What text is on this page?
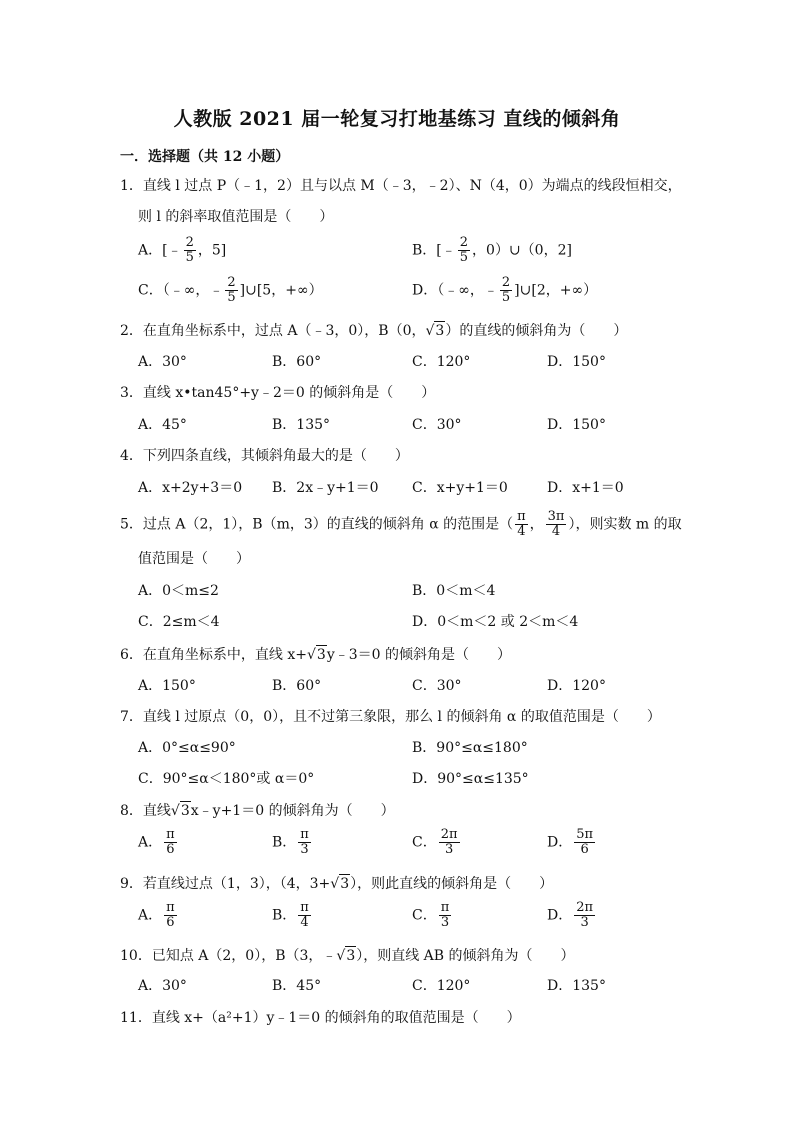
人教版 2021 届一轮复习打地基练习 直线的倾斜角
一．选择题（共 12 小题）
1．直线 l 过点 P（﹣1，2）且与以点 M（﹣3，﹣2）、N（4，0）为端点的线段恒相交，
则 l 的斜率取值范围是（　　）
A．[﹣ $\frac{2}{5}$ ，5]	B．[﹣ $\frac{2}{5}$ ，0）∪（0，2]
C．（﹣∞，﹣ $\frac{2}{5}$ ]∪[5，+∞）	D．（﹣∞，﹣ $\frac{2}{5}$ ]∪[2，+∞）
2．在直角坐标系中，过点 A（﹣3，0），B（0，√3）的直线的倾斜角为（　　）
A．30°	B．60°	C．120°	D．150°
3．直线 x•tan45°+y﹣2＝0 的倾斜角是（　　）
A．45°	B．135°	C．30°	D．150°
4．下列四条直线，其倾斜角最大的是（　　）
A．x+2y+3＝0 B．2x﹣y+1＝0 C．x+y+1＝0	D．x+1＝0
5．过点 A（2，1），B（m，3）的直线的倾斜角 α 的范围是（ $\frac{\pi}{4}$ ， $\frac{3\pi}{4}$ ），则实数 m 的取
值范围是（　　）
A．0＜m≤2	B．0＜m＜4
C．2≤m＜4	D．0＜m＜2 或 2＜m＜4
6．在直角坐标系中，直线 x+√3y﹣3＝0 的倾斜角是（　　）
A．150°	B．60°	C．30°	D．120°
7．直线 l 过原点（0，0），且不过第三象限，那么 l 的倾斜角 α 的取值范围是（　　）
A．0°≤α≤90°	B．90°≤α≤180°
C．90°≤α＜180°或 α＝0°	D．90°≤α≤135°
8．直线√3x﹣y+1＝0 的倾斜角为（　　）
A． $\frac{\pi}{6}$	B． $\frac{\pi}{3}$	C． $\frac{2\pi}{3}$	D． $\frac{5\pi}{6}$
9．若直线过点（1，3），（4，3+√3），则此直线的倾斜角是（　　）
A． $\frac{\pi}{6}$	B． $\frac{\pi}{4}$	C． $\frac{\pi}{3}$	D． $\frac{2\pi}{3}$
10．已知点 A（2，0），B（3，﹣√3），则直线 AB 的倾斜角为（　　）
A．30°	B．45°	C．120°	D．135°
11．直线 x+（a²+1）y﹣1＝0 的倾斜角的取值范围是（　　）
